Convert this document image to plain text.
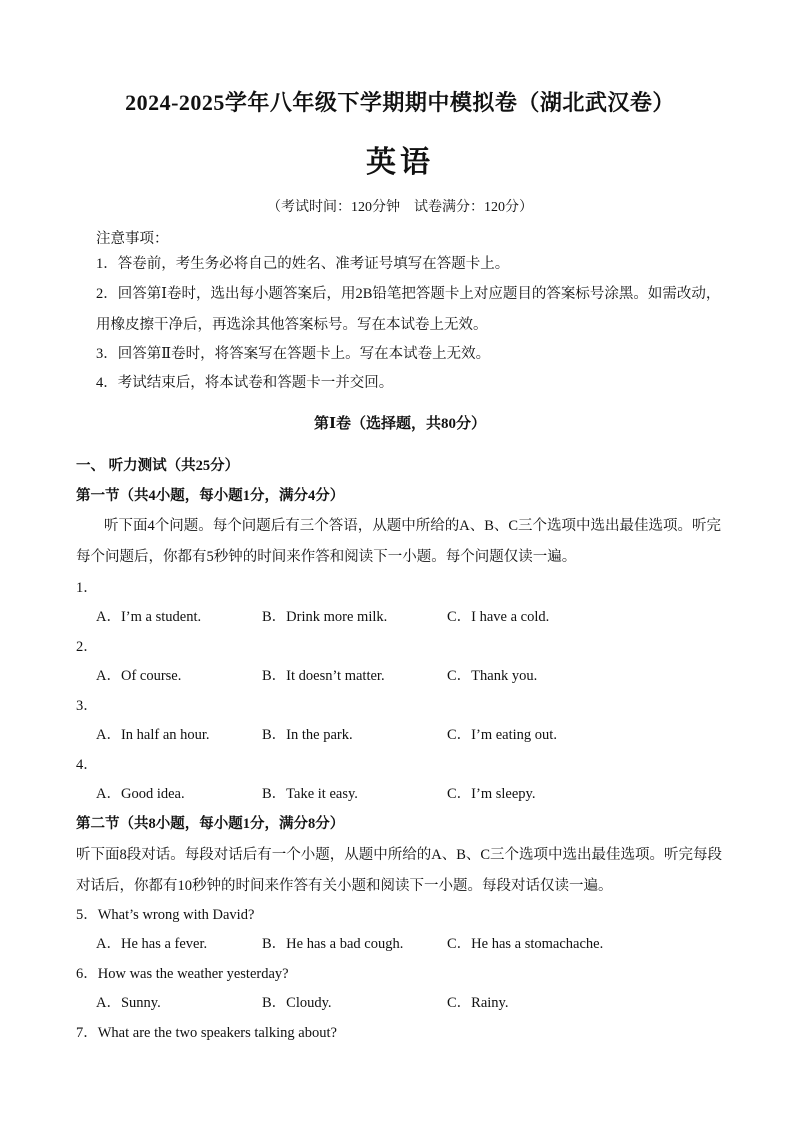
2024-2025学年八年级下学期期中模拟卷（湖北武汉卷）
英语
（考试时间：120分钟　试卷满分：120分）
注意事项：
1．答卷前，考生务必将自己的姓名、准考证号填写在答题卡上。
2．回答第Ⅰ卷时，选出每小题答案后，用2B铅笔把答题卡上对应题目的答案标号涂黑。如需改动，
用橡皮擦干净后，再选涂其他答案标号。写在本试卷上无效。
3．回答第Ⅱ卷时，将答案写在答题卡上。写在本试卷上无效。
4．考试结束后，将本试卷和答题卡一并交回。
第Ⅰ卷（选择题，共80分）
一、 听力测试（共25分）
第一节（共4小题，每小题1分，满分4分）
听下面4个问题。每个问题后有三个答语，从题中所给的A、B、C三个选项中选出最佳选项。听完
每个问题后，你都有5秒钟的时间来作答和阅读下一小题。每个问题仅读一遍。
1．
A．I’m a student.	B．Drink more milk.	C．I have a cold.
2．
A．Of course.	B．It doesn’t matter.	C．Thank you.
3．
A．In half an hour.	B．In the park.	C．I’m eating out.
4．
A．Good idea.	B．Take it easy.	C．I’m sleepy.
第二节（共8小题，每小题1分，满分8分）
听下面8段对话。每段对话后有一个小题，从题中所给的A、B、C三个选项中选出最佳选项。听完每段
对话后，你都有10秒钟的时间来作答有关小题和阅读下一小题。每段对话仅读一遍。
5．What’s wrong with David?
A．He has a fever.	B．He has a bad cough.	C．He has a stomachache.
6．How was the weather yesterday?
A．Sunny.	B．Cloudy.	C．Rainy.
7．What are the two speakers talking about?
